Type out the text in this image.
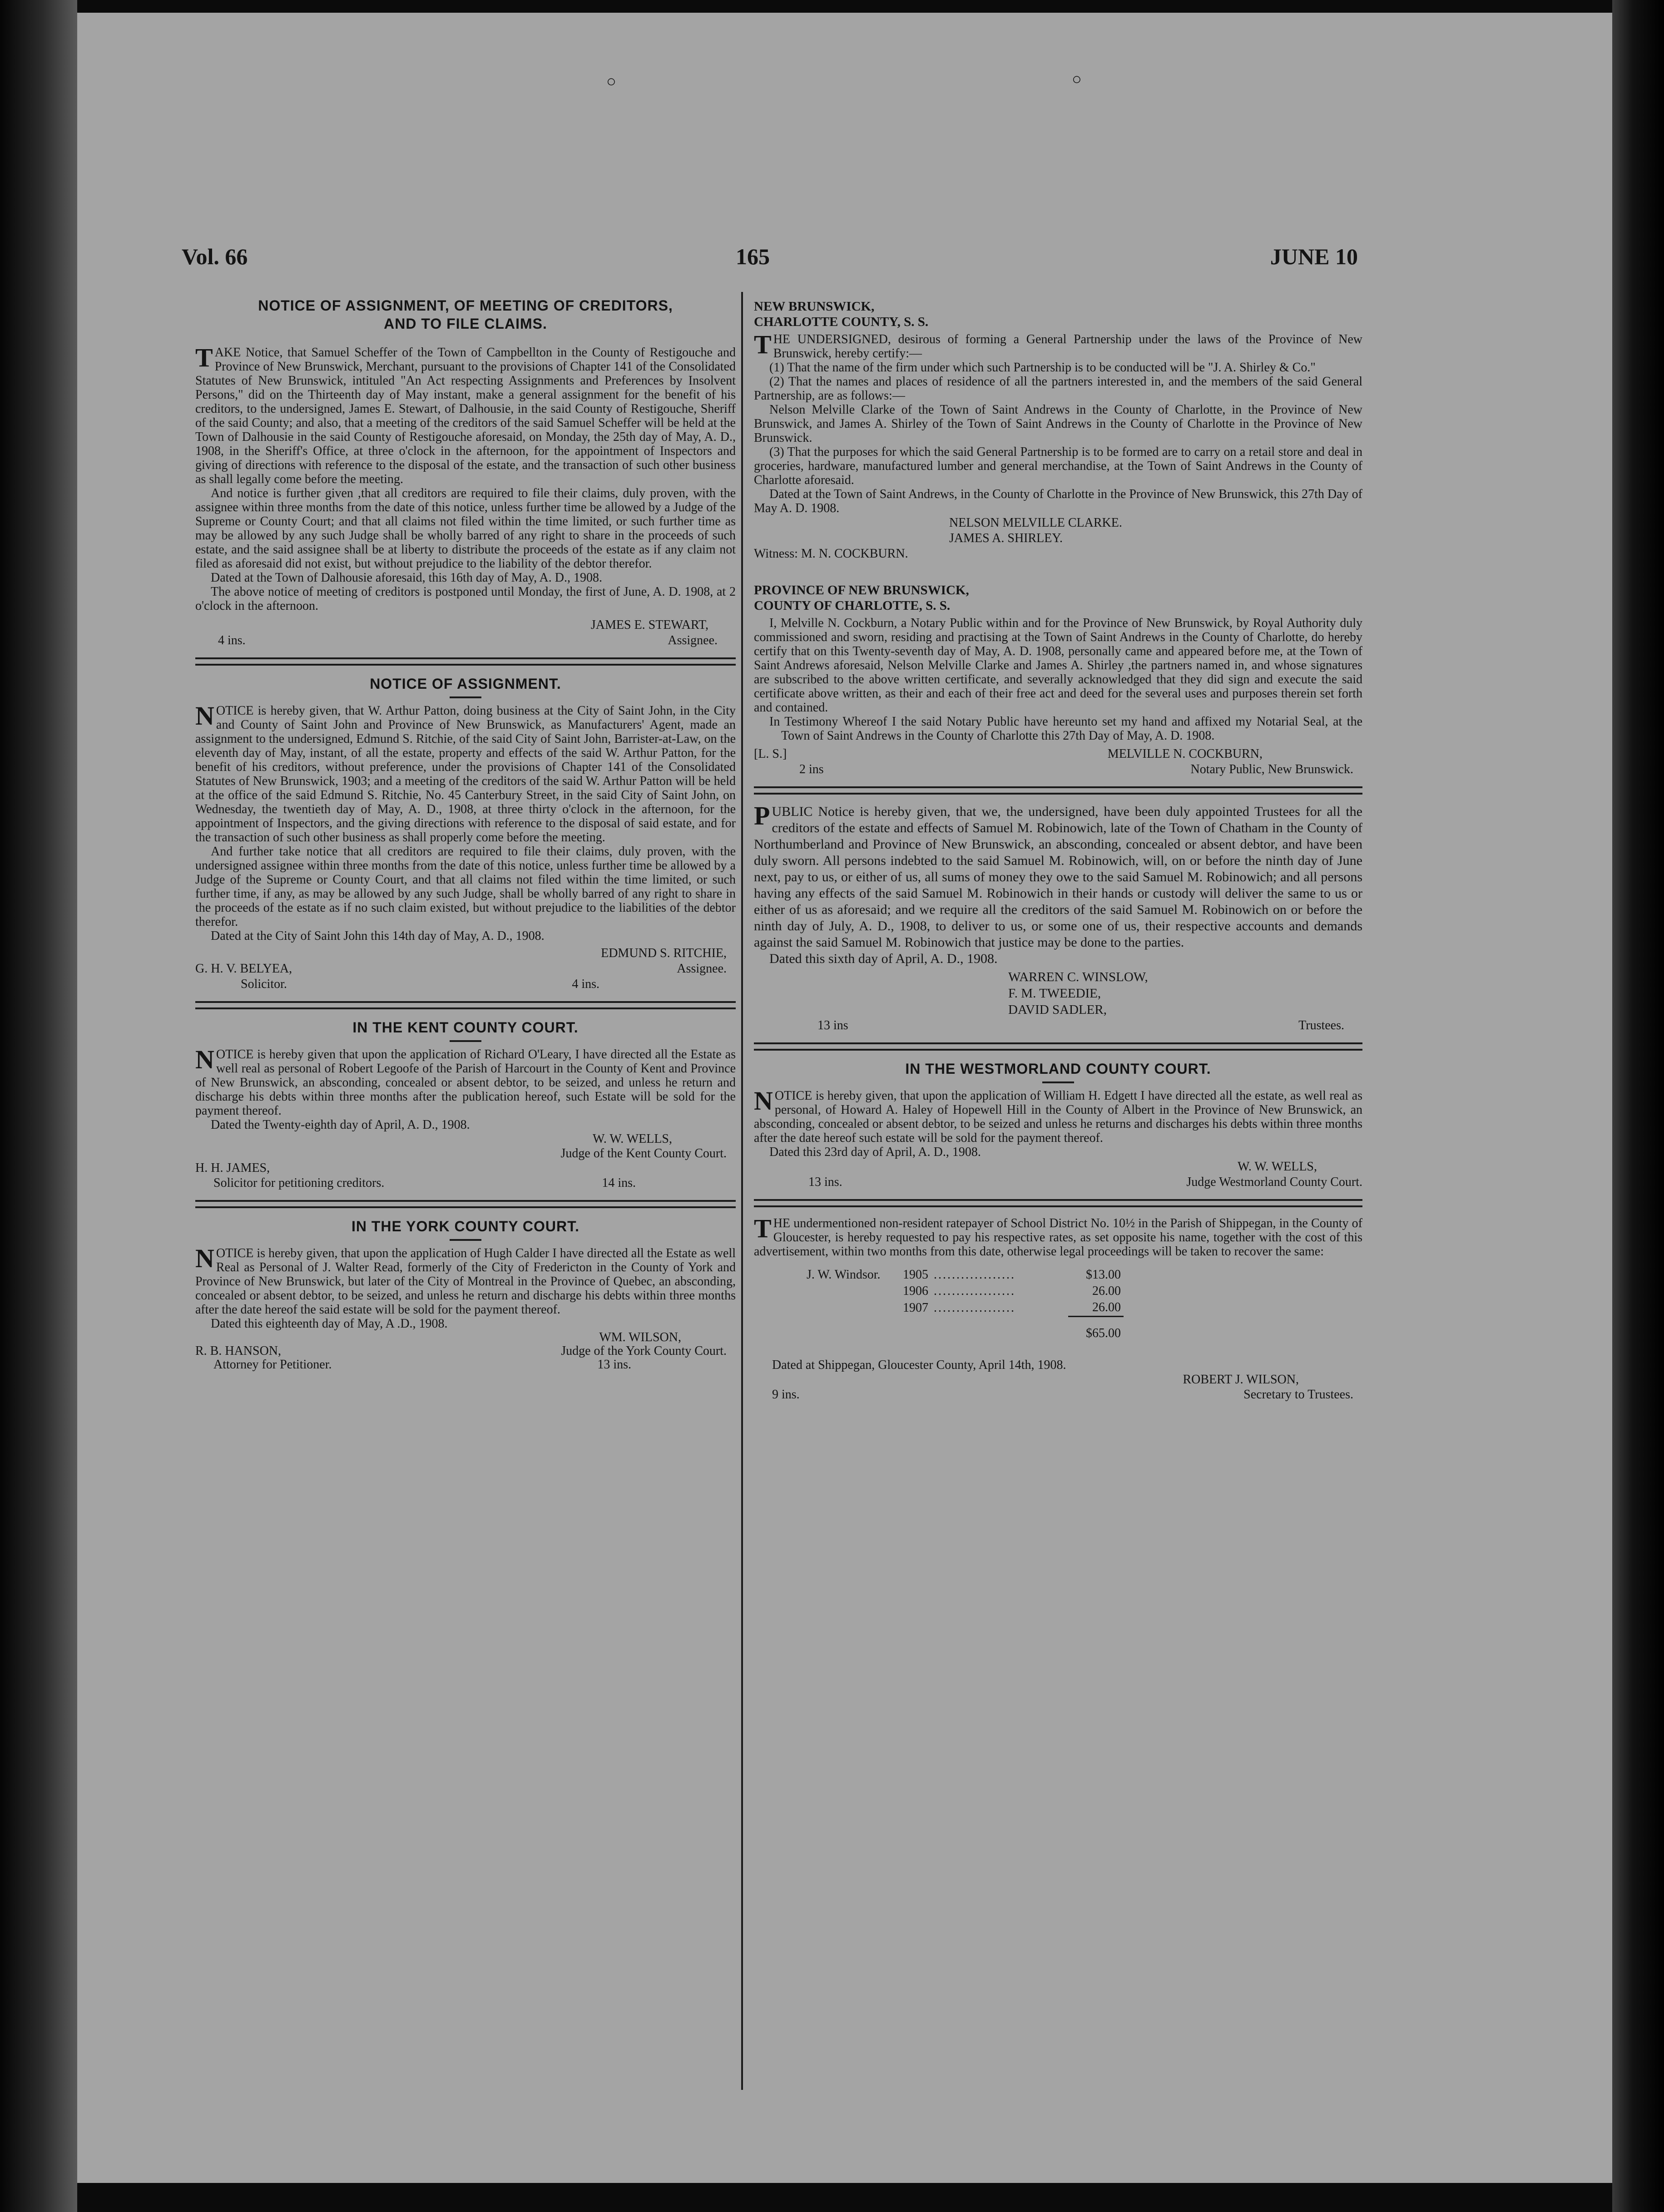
○	○
Vol. 66	165	JUNE 10
NOTICE OF ASSIGNMENT, OF MEETING OF CREDITORS,
AND TO FILE CLAIMS.

TAKE Notice, that Samuel Scheffer of the Town of Campbellton in the County of Restigouche and Province of New Brunswick, Merchant, pursuant to the provisions of Chapter 141 of the Consolidated Statutes of New Brunswick, intituled "An Act respecting Assignments and Preferences by Insolvent Persons," did on the Thirteenth day of May instant, make a general assignment for the benefit of his creditors, to the undersigned, James E. Stewart, of Dalhousie, in the said County of Restigouche, Sheriff of the said County; and also, that a meeting of the creditors of the said Samuel Scheffer will be held at the Town of Dalhousie in the said County of Restigouche aforesaid, on Monday, the 25th day of May, A. D., 1908, in the Sheriff's Office, at three o'clock in the afternoon, for the appointment of Inspectors and giving of directions with reference to the disposal of the estate, and the transaction of such other business as shall legally come before the meeting.

And notice is further given ,that all creditors are required to file their claims, duly proven, with the assignee within three months from the date of this notice, unless further time be allowed by a Judge of the Supreme or County Court; and that all claims not filed within the time limited, or such further time as may be allowed by any such Judge shall be wholly barred of any right to share in the proceeds of such estate, and the said assignee shall be at liberty to distribute the proceeds of the estate as if any claim not filed as aforesaid did not exist, but without prejudice to the liability of the debtor therefor.

Dated at the Town of Dalhousie aforesaid, this 16th day of May, A. D., 1908.

The above notice of meeting of creditors is postponed until Monday, the first of June, A. D. 1908, at 2 o'clock in the afternoon.

JAMES E. STEWART,
4 ins.	Assignee.
NOTICE OF ASSIGNMENT.

NOTICE is hereby given, that W. Arthur Patton, doing business at the City of Saint John, in the City and County of Saint John and Province of New Brunswick, as Manufacturers' Agent, made an assignment to the undersigned, Edmund S. Ritchie, of the said City of Saint John, Barrister-at-Law, on the eleventh day of May, instant, of all the estate, property and effects of the said W. Arthur Patton, for the benefit of his creditors, without preference, under the provisions of Chapter 141 of the Consolidated Statutes of New Brunswick, 1903; and a meeting of the creditors of the said W. Arthur Patton will be held at the office of the said Edmund S. Ritchie, No. 45 Canterbury Street, in the said City of Saint John, on Wednesday, the twentieth day of May, A. D., 1908, at three thirty o'clock in the afternoon, for the appointment of Inspectors, and the giving directions with reference to the disposal of said estate, and for the transaction of such other business as shall properly come before the meeting.

And further take notice that all creditors are required to file their claims, duly proven, with the undersigned assignee within three months from the date of this notice, unless further time be allowed by a Judge of the Supreme or County Court, and that all claims not filed within the time limited, or such further time, if any, as may be allowed by any such Judge, shall be wholly barred of any right to share in the proceeds of the estate as if no such claim existed, but without prejudice to the liabilities of the debtor therefor.

Dated at the City of Saint John this 14th day of May, A. D., 1908.

EDMUND S. RITCHIE,
G. H. V. BELYEA,	Assignee.
Solicitor.	4 ins.
IN THE KENT COUNTY COURT.

NOTICE is hereby given that upon the application of Richard O'Leary, I have directed all the Estate as well real as personal of Robert Legoofe of the Parish of Harcourt in the County of Kent and Province of New Brunswick, an absconding, concealed or absent debtor, to be seized, and unless he return and discharge his debts within three months after the publication hereof, such Estate will be sold for the payment thereof.

Dated the Twenty-eighth day of April, A. D., 1908.

W. W. WELLS,
Judge of the Kent County Court.
H. H. JAMES,
Solicitor for petitioning creditors.	14 ins.
IN THE YORK COUNTY COURT.

NOTICE is hereby given, that upon the application of Hugh Calder I have directed all the Estate as well Real as Personal of J. Walter Read, formerly of the City of Fredericton in the County of York and Province of New Brunswick, but later of the City of Montreal in the Province of Quebec, an absconding, concealed or absent debtor, to be seized, and unless he return and discharge his debts within three months after the date hereof the said estate will be sold for the payment thereof.

Dated this eighteenth day of May, A .D., 1908.

WM. WILSON,
R. B. HANSON,	Judge of the York County Court.
Attorney for Petitioner.	13 ins.
NEW BRUNSWICK,
CHARLOTTE COUNTY, S. S.

THE UNDERSIGNED, desirous of forming a General Partnership under the laws of the Province of New Brunswick, hereby certify:—

(1) That the name of the firm under which such Partnership is to be conducted will be "J. A. Shirley & Co."

(2) That the names and places of residence of all the partners interested in, and the members of the said General Partnership, are as follows:—

Nelson Melville Clarke of the Town of Saint Andrews in the County of Charlotte, in the Province of New Brunswick, and James A. Shirley of the Town of Saint Andrews in the County of Charlotte in the Province of New Brunswick.

(3) That the purposes for which the said General Partnership is to be formed are to carry on a retail store and deal in groceries, hardware, manufactured lumber and general merchandise, at the Town of Saint Andrews in the County of Charlotte aforesaid.

Dated at the Town of Saint Andrews, in the County of Charlotte in the Province of New Brunswick, this 27th Day of May A. D. 1908.

NELSON MELVILLE CLARKE.
JAMES A. SHIRLEY.
Witness: M. N. COCKBURN.
PROVINCE OF NEW BRUNSWICK,
COUNTY OF CHARLOTTE, S. S.

I, Melville N. Cockburn, a Notary Public within and for the Province of New Brunswick, by Royal Authority duly commissioned and sworn, residing and practising at the Town of Saint Andrews in the County of Charlotte, do hereby certify that on this Twenty-seventh day of May, A. D. 1908, personally came and appeared before me, at the Town of Saint Andrews aforesaid, Nelson Melville Clarke and James A. Shirley ,the partners named in, and whose signatures are subscribed to the above written certificate, and severally acknowledged that they did sign and execute the said certificate above written, as their and each of their free act and deed for the several uses and purposes therein set forth and contained.

In Testimony Whereof I the said Notary Public have hereunto set my hand and affixed my Notarial Seal, at the Town of Saint Andrews in the County of Charlotte this 27th Day of May, A. D. 1908.

[L. S.]	MELVILLE N. COCKBURN,
2 ins	Notary Public, New Brunswick.

PUBLIC Notice is hereby given, that we, the undersigned, have been duly appointed Trustees for all the creditors of the estate and effects of Samuel M. Robinowich, late of the Town of Chatham in the County of Northumberland and Province of New Brunswick, an absconding, concealed or absent debtor, and have been duly sworn. All persons indebted to the said Samuel M. Robinowich, will, on or before the ninth day of June next, pay to us, or either of us, all sums of money they owe to the said Samuel M. Robinowich; and all persons having any effects of the said Samuel M. Robinowich in their hands or custody will deliver the same to us or either of us as aforesaid; and we require all the creditors of the said Samuel M. Robinowich on or before the ninth day of July, A. D., 1908, to deliver to us, or some one of us, their respective accounts and demands against the said Samuel M. Robinowich that justice may be done to the parties.

Dated this sixth day of April, A. D., 1908.

WARREN C. WINSLOW,
F. M. TWEEDIE,
DAVID SADLER,
13 ins	Trustees.
IN THE WESTMORLAND COUNTY COURT.

NOTICE is hereby given, that upon the application of William H. Edgett I have directed all the estate, as well real as personal, of Howard A. Haley of Hopewell Hill in the County of Albert in the Province of New Brunswick, an absconding, concealed or absent debtor, to be seized and unless he returns and discharges his debts within three months after the date hereof such estate will be sold for the payment thereof.

Dated this 23rd day of April, A. D., 1908.

W. W. WELLS,
13 ins.	Judge Westmorland County Court.

THE undermentioned non-resident ratepayer of School District No. 10½ in the Parish of Shippegan, in the County of Gloucester, is hereby requested to pay his respective rates, as set opposite his name, together with the cost of this advertisement, within two months from this date, otherwise legal proceedings will be taken to recover the same:

J. W. Windsor.	1905	..................	$13.00
	1906	..................	26.00
	1907	..................	26.00
			$65.00
Dated at Shippegan, Gloucester County, April 14th, 1908.
ROBERT J. WILSON,
9 ins.	Secretary to Trustees.
